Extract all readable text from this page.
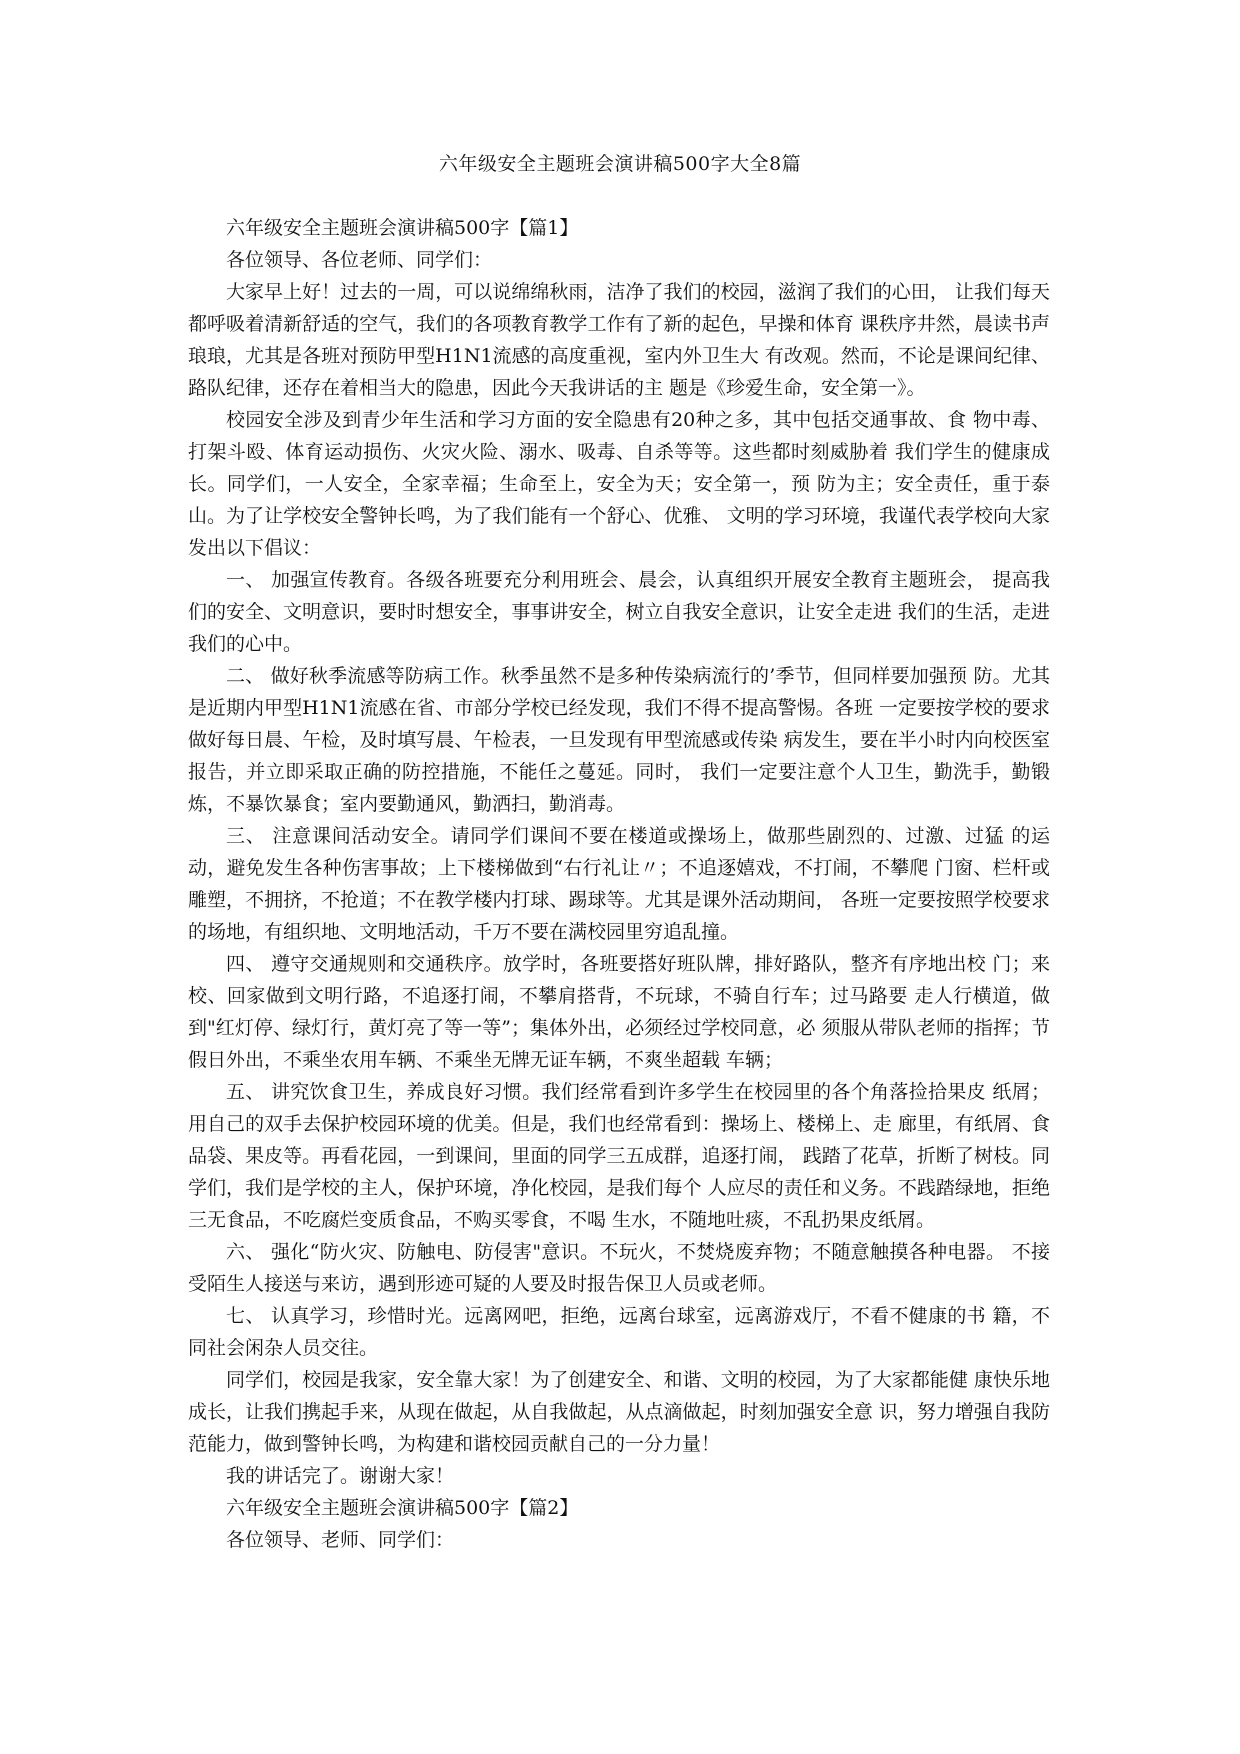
六年级安全主题班会演讲稿500字大全8篇

六年级安全主题班会演讲稿500字【篇1】

各位领导、各位老师、同学们：

大家早上好！过去的一周，可以说绵绵秋雨，洁净了我们的校园，滋润了我们的心田， 让我们每天都呼吸着清新舒适的空气，我们的各项教育教学工作有了新的起色，早操和体育 课秩序井然，晨读书声琅琅，尤其是各班对预防甲型H1N1流感的高度重视，室内外卫生大 有改观。然而，不论是课间纪律、路队纪律，还存在着相当大的隐患，因此今天我讲话的主 题是《珍爱生命，安全第一》。

校园安全涉及到青少年生活和学习方面的安全隐患有20种之多，其中包括交通事故、食 物中毒、打架斗殴、体育运动损伤、火灾火险、溺水、吸毒、自杀等等。这些都时刻威胁着 我们学生的健康成长。同学们，一人安全，全家幸福；生命至上，安全为天；安全第一，预 防为主；安全责任，重于泰山。为了让学校安全警钟长鸣，为了我们能有一个舒心、优雅、 文明的学习环境，我谨代表学校向大家发出以下倡议：

一、 加强宣传教育。各级各班要充分利用班会、晨会，认真组织开展安全教育主题班会， 提高我们的安全、文明意识，要时时想安全，事事讲安全，树立自我安全意识，让安全走进 我们的生活，走进我们的心中。

二、 做好秋季流感等防病工作。秋季虽然不是多种传染病流行的’季节，但同样要加强预 防。尤其是近期内甲型H1N1流感在省、市部分学校已经发现，我们不得不提高警惕。各班 一定要按学校的要求做好每日晨、午检，及时填写晨、午检表，一旦发现有甲型流感或传染 病发生，要在半小时内向校医室报告，并立即采取正确的防控措施，不能任之蔓延。同时， 我们一定要注意个人卫生，勤洗手，勤锻炼，不暴饮暴食；室内要勤通风，勤洒扫，勤消毒。

三、 注意课间活动安全。请同学们课间不要在楼道或操场上，做那些剧烈的、过激、过猛 的运动，避免发生各种伤害事故；上下楼梯做到“右行礼让〃；不追逐嬉戏，不打闹，不攀爬 门窗、栏杆或雕塑，不拥挤，不抢道；不在教学楼内打球、踢球等。尤其是课外活动期间， 各班一定要按照学校要求的场地，有组织地、文明地活动，千万不要在满校园里穷追乱撞。

四、 遵守交通规则和交通秩序。放学时，各班要搭好班队牌，排好路队，整齐有序地出校 门；来校、回家做到文明行路，不追逐打闹，不攀肩搭背，不玩球，不骑自行车；过马路要 走人行横道，做到"红灯停、绿灯行，黄灯亮了等一等”；集体外出，必须经过学校同意，必 须服从带队老师的指挥；节假日外出，不乘坐农用车辆、不乘坐无牌无证车辆，不爽坐超载 车辆；

五、 讲究饮食卫生，养成良好习惯。我们经常看到许多学生在校园里的各个角落捡拾果皮 纸屑；用自己的双手去保护校园环境的优美。但是，我们也经常看到：操场上、楼梯上、走 廊里，有纸屑、食品袋、果皮等。再看花园，一到课间，里面的同学三五成群，追逐打闹， 践踏了花草，折断了树枝。同学们，我们是学校的主人，保护环境，净化校园，是我们每个 人应尽的责任和义务。不践踏绿地，拒绝三无食品，不吃腐烂变质食品，不购买零食，不喝 生水，不随地吐痰，不乱扔果皮纸屑。

六、 强化“防火灾、防触电、防侵害"意识。不玩火，不焚烧废弃物；不随意触摸各种电器。 不接受陌生人接送与来访，遇到形迹可疑的人要及时报告保卫人员或老师。

七、 认真学习，珍惜时光。远离网吧，拒绝，远离台球室，远离游戏厅，不看不健康的书 籍，不同社会闲杂人员交往。

同学们，校园是我家，安全靠大家！为了创建安全、和谐、文明的校园，为了大家都能健 康快乐地成长，让我们携起手来，从现在做起，从自我做起，从点滴做起，时刻加强安全意 识，努力增强自我防范能力，做到警钟长鸣，为构建和谐校园贡献自己的一分力量！

我的讲话完了。谢谢大家！

六年级安全主题班会演讲稿500字【篇2】

各位领导、老师、同学们：
